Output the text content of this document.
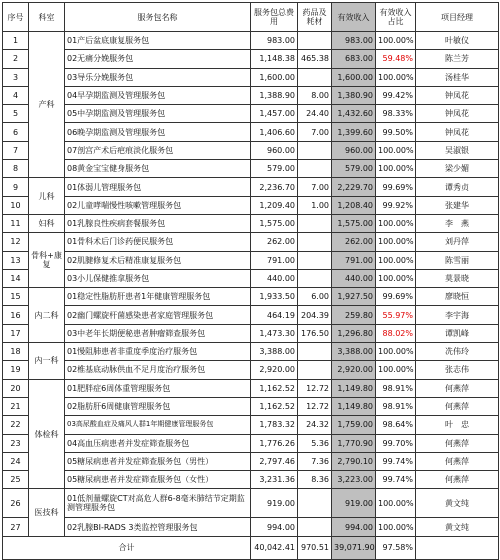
序号	科室	服务包名称	服务包总费用	药品及耗材	有效收入	有效收入占比	项目经理
1	产科	01产后盆底康复服务包	983.00		983.00	100.00%	叶敏仪
2		02无痛分娩服务包	1,148.38	465.38	683.00	59.48%	陈兰芳
3		03导乐分娩服务包	1,600.00		1,600.00	100.00%	汤桂华
4		04早孕期监测及管理服务包	1,388.90	8.00	1,380.90	99.42%	钟凤花
5		05中孕期监测及管理服务包	1,457.00	24.40	1,432.60	98.33%	钟凤花
6		06晚孕期监测及管理服务包	1,406.60	7.00	1,399.60	99.50%	钟凤花
7		07剖宫产术后疤痕淡化服务包	960.00		960.00	100.00%	吴淑银
8		08黄金宝宝健身服务包	579.00		579.00	100.00%	梁少媚
9	儿科	01体弱儿管理服务包	2,236.70	7.00	2,229.70	99.69%	谭秀贞
10		02儿童哮喘慢性咳嗽管理服务包	1,209.40	1.00	1,208.40	99.92%	张建华
11	妇科	01乳腺良性疾病套餐服务包	1,575.00		1,575.00	100.00%	李　燕
12	骨科+康复	01骨科术后门诊药便民服务包	262.00		262.00	100.00%	刘丹萍
13		02肌腱修复术后精准康复服务包	791.00		791.00	100.00%	陈雪丽
14		03小儿保健推拿服务包	440.00		440.00	100.00%	莫景晓
15	内二科	01稳定性脂肪肝患者1年健康管理服务包	1,933.50	6.00	1,927.50	99.69%	廖晓恒
16		02幽门螺旋杆菌感染患者家庭管理服务包	464.19	204.39	259.80	55.97%	李宇海
17		03中老年长期便秘患者肿瘤筛查服务包	1,473.30	176.50	1,296.80	88.02%	谭凯峰
18	内一科	01慢阻肺患者非重度季度治疗服务包	3,388.00		3,388.00	100.00%	冼伟玲
19		02椎基底动脉供血不足月度治疗服务包	2,920.00		2,920.00	100.00%	张志伟
20	体检科	01肥胖症6周体重管理服务包	1,162.52	12.72	1,149.80	98.91%	何燕萍
21		02脂肪肝6周健康管理服务包	1,162.52	12.72	1,149.80	98.91%	何燕萍
22		03高尿酸血症及痛风人群1年期健康管理服务包	1,783.32	24.32	1,759.00	98.64%	叶　忠
23		04高血压病患者并发症筛查服务包	1,776.26	5.36	1,770.90	99.70%	何燕萍
24		05糖尿病患者并发症筛查服务包（男性）	2,797.46	7.36	2,790.10	99.74%	何燕萍
25		05糖尿病患者并发症筛查服务包（女性）	3,231.36	8.36	3,223.00	99.74%	何燕萍
26	医技科	01低剂量螺旋CT对高危人群6-8毫米肺结节定期监测管理服务包	919.00		919.00	100.00%	黄文纯
27		02乳腺BI-RADS 3类监控管理服务包	994.00		994.00	100.00%	黄文纯
合计			40,042.41	970.51	39,071.90	97.58%	
